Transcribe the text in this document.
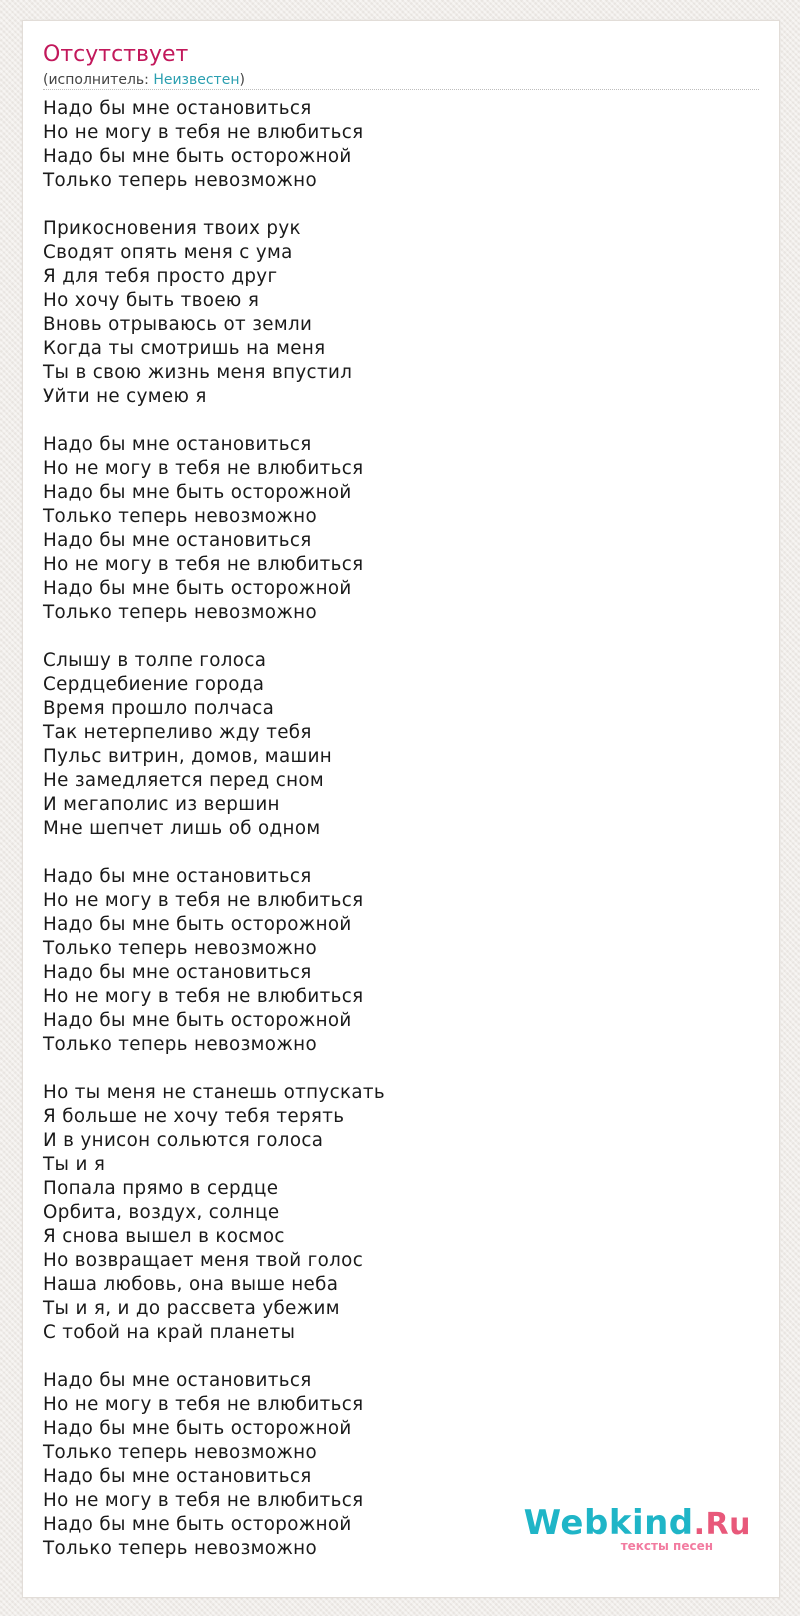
Отсутствует
(исполнитель: Неизвестен)
Надо бы мне остановиться
Но не могу в тебя не влюбиться
Надо бы мне быть осторожной
Только теперь невозможно
Прикосновения твоих рук
Сводят опять меня с ума
Я для тебя просто друг
Но хочу быть твоею я
Вновь отрываюсь от земли
Когда ты смотришь на меня
Ты в свою жизнь меня впустил
Уйти не сумею я
Надо бы мне остановиться
Но не могу в тебя не влюбиться
Надо бы мне быть осторожной
Только теперь невозможно
Надо бы мне остановиться
Но не могу в тебя не влюбиться
Надо бы мне быть осторожной
Только теперь невозможно
Слышу в толпе голоса
Сердцебиение города
Время прошло полчаса
Так нетерпеливо жду тебя
Пульс витрин, домов, машин
Не замедляется перед сном
И мегаполис из вершин
Мне шепчет лишь об одном
Надо бы мне остановиться
Но не могу в тебя не влюбиться
Надо бы мне быть осторожной
Только теперь невозможно
Надо бы мне остановиться
Но не могу в тебя не влюбиться
Надо бы мне быть осторожной
Только теперь невозможно
Но ты меня не станешь отпускать
Я больше не хочу тебя терять
И в унисон сольются голоса
Ты и я
Попала прямо в сердце
Орбита, воздух, солнце
Я снова вышел в космос
Но возвращает меня твой голос
Наша любовь, она выше неба
Ты и я, и до рассвета убежим
С тобой на край планеты
Надо бы мне остановиться
Но не могу в тебя не влюбиться
Надо бы мне быть осторожной
Только теперь невозможно
Надо бы мне остановиться
Но не могу в тебя не влюбиться
Надо бы мне быть осторожной
Только теперь невозможно
Webkind.Ru
тексты песен
